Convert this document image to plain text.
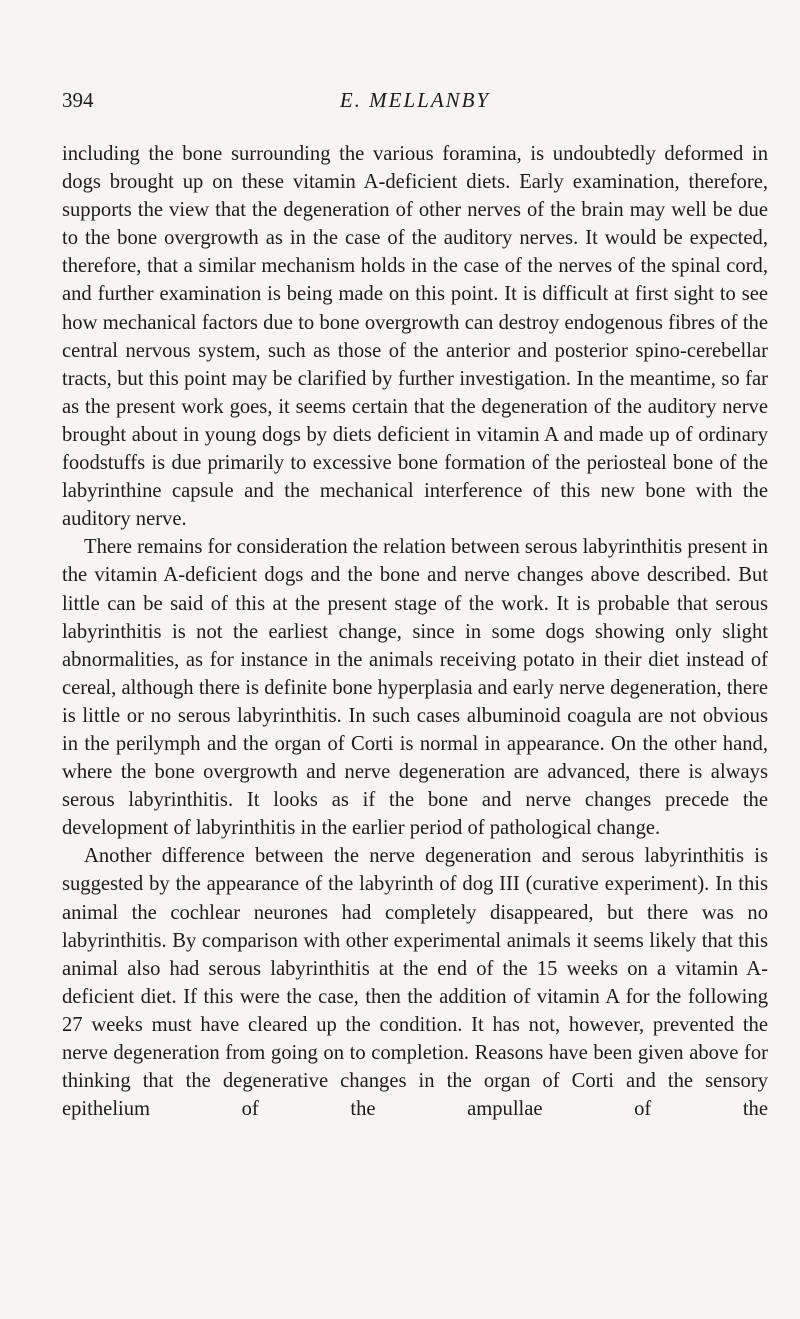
394	E. MELLANBY

including the bone surrounding the various foramina, is undoubtedly deformed in dogs brought up on these vitamin A-deficient diets. Early examination, therefore, supports the view that the degeneration of other nerves of the brain may well be due to the bone overgrowth as in the case of the auditory nerves. It would be expected, therefore, that a similar mechanism holds in the case of the nerves of the spinal cord, and further examination is being made on this point. It is difficult at first sight to see how mechanical factors due to bone overgrowth can destroy endogenous fibres of the central nervous system, such as those of the anterior and posterior spino-cerebellar tracts, but this point may be clarified by further investigation. In the meantime, so far as the present work goes, it seems certain that the degeneration of the auditory nerve brought about in young dogs by diets deficient in vitamin A and made up of ordinary foodstuffs is due primarily to excessive bone formation of the periosteal bone of the labyrinthine capsule and the mechanical interference of this new bone with the auditory nerve.

There remains for consideration the relation between serous labyrinthitis present in the vitamin A-deficient dogs and the bone and nerve changes above described. But little can be said of this at the present stage of the work. It is probable that serous labyrinthitis is not the earliest change, since in some dogs showing only slight abnormalities, as for instance in the animals receiving potato in their diet instead of cereal, although there is definite bone hyperplasia and early nerve degeneration, there is little or no serous labyrinthitis. In such cases albuminoid coagula are not obvious in the perilymph and the organ of Corti is normal in appearance. On the other hand, where the bone overgrowth and nerve degeneration are advanced, there is always serous labyrinthitis. It looks as if the bone and nerve changes precede the development of labyrinthitis in the earlier period of pathological change.

Another difference between the nerve degeneration and serous labyrinthitis is suggested by the appearance of the labyrinth of dog III (curative experiment). In this animal the cochlear neurones had completely disappeared, but there was no labyrinthitis. By comparison with other experimental animals it seems likely that this animal also had serous labyrinthitis at the end of the 15 weeks on a vitamin A-deficient diet. If this were the case, then the addition of vitamin A for the following 27 weeks must have cleared up the condition. It has not, however, prevented the nerve degeneration from going on to completion. Reasons have been given above for thinking that the degenerative changes in the organ of Corti and the sensory epithelium of the ampullae of the
